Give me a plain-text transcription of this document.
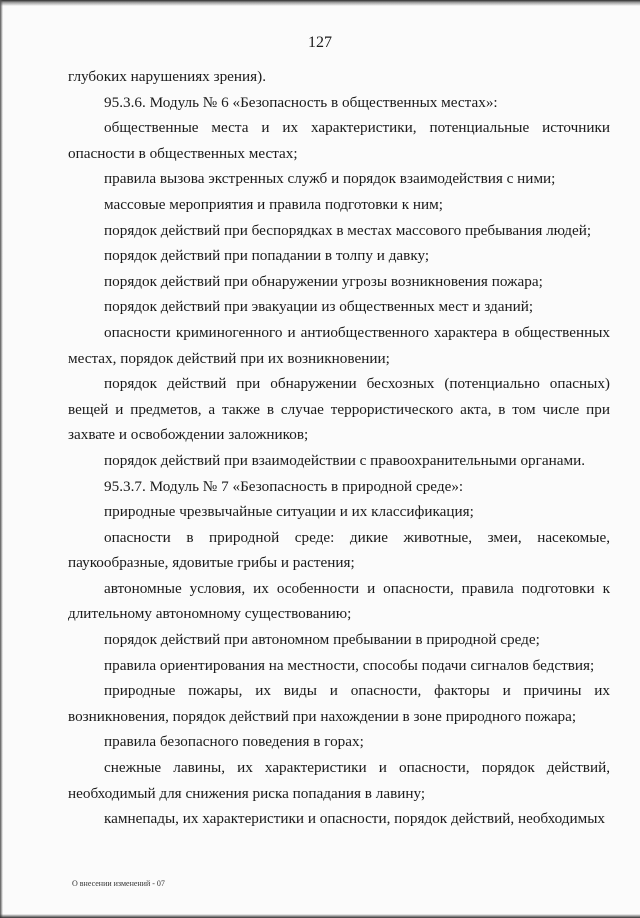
127

глубоких нарушениях зрения).

95.3.6. Модуль № 6 «Безопасность в общественных местах»:

общественные места и их характеристики, потенциальные источники опасности в общественных местах;

правила вызова экстренных служб и порядок взаимодействия с ними;

массовые мероприятия и правила подготовки к ним;

порядок действий при беспорядках в местах массового пребывания людей;

порядок действий при попадании в толпу и давку;

порядок действий при обнаружении угрозы возникновения пожара;

порядок действий при эвакуации из общественных мест и зданий;

опасности криминогенного и антиобщественного характера в общественных местах, порядок действий при их возникновении;

порядок действий при обнаружении бесхозных (потенциально опасных) вещей и предметов, а также в случае террористического акта, в том числе при захвате и освобождении заложников;

порядок действий при взаимодействии с правоохранительными органами.

95.3.7. Модуль № 7 «Безопасность в природной среде»:

природные чрезвычайные ситуации и их классификация;

опасности в природной среде: дикие животные, змеи, насекомые, паукообразные, ядовитые грибы и растения;

автономные условия, их особенности и опасности, правила подготовки к длительному автономному существованию;

порядок действий при автономном пребывании в природной среде;

правила ориентирования на местности, способы подачи сигналов бедствия;

природные пожары, их виды и опасности, факторы и причины их возникновения, порядок действий при нахождении в зоне природного пожара;

правила безопасного поведения в горах;

снежные лавины, их характеристики и опасности, порядок действий, необходимый для снижения риска попадания в лавину;

камнепады, их характеристики и опасности, порядок действий, необходимых

О внесении изменений - 07
